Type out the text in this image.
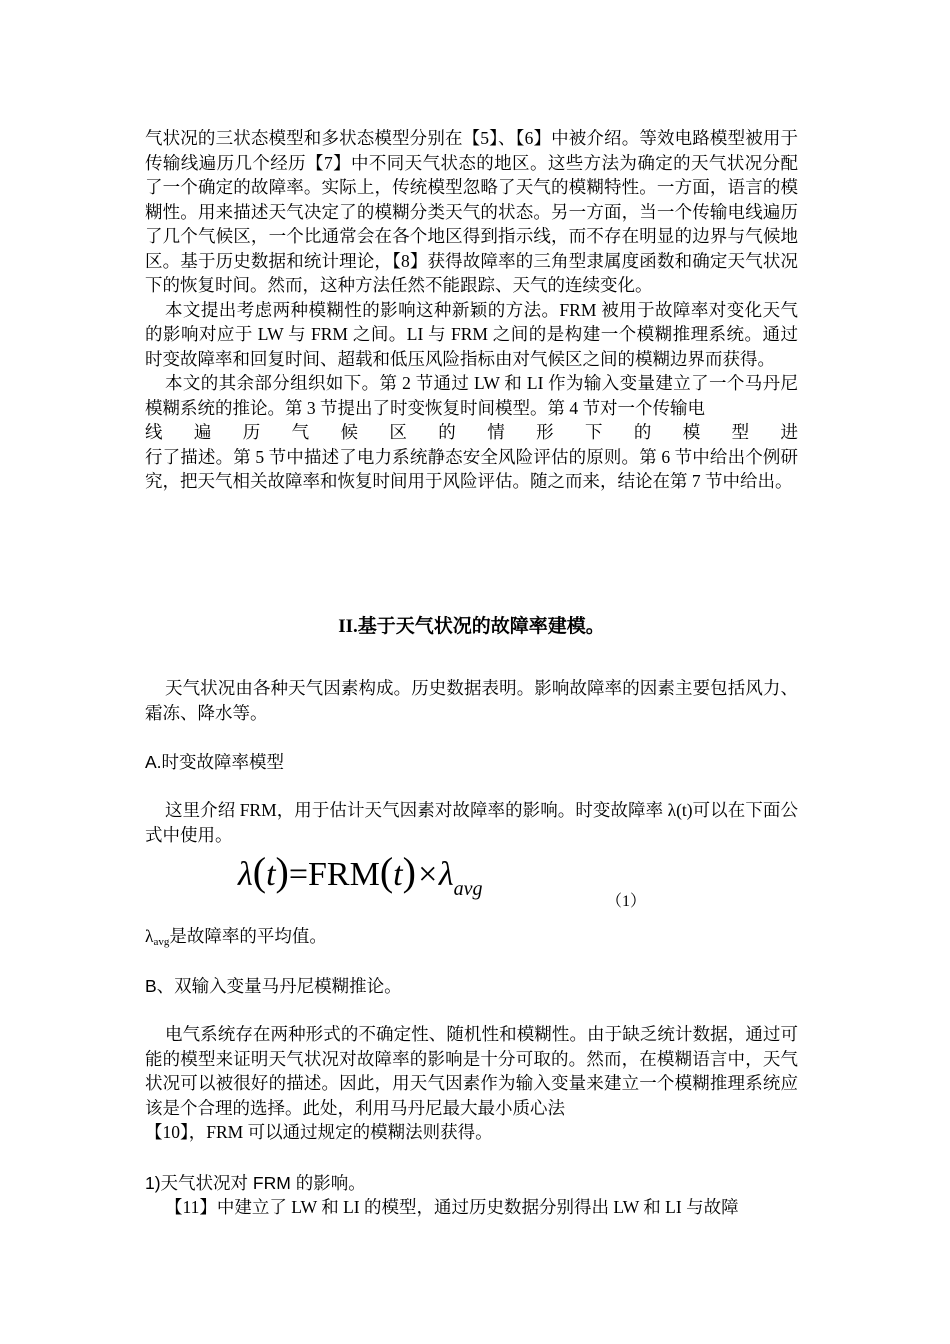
气状况的三状态模型和多状态模型分别在【5】、【6】中被介绍。等效电路模型被用于传输线遍历几个经历【7】中不同天气状态的地区。这些方法为确定的天气状况分配了一个确定的故障率。实际上，传统模型忽略了天气的模糊特性。一方面，语言的模糊性。用来描述天气决定了的模糊分类天气的状态。另一方面，当一个传输电线遍历了几个气候区，一个比通常会在各个地区得到指示线，而不存在明显的边界与气候地区。基于历史数据和统计理论，【8】获得故障率的三角型隶属度函数和确定天气状况下的恢复时间。然而，这种方法任然不能跟踪、天气的连续变化。

本文提出考虑两种模糊性的影响这种新颖的方法。FRM 被用于故障率对变化天气的影响对应于 LW 与 FRM 之间。LI 与 FRM 之间的是构建一个模糊推理系统。通过时变故障率和回复时间、超载和低压风险指标由对气候区之间的模糊边界而获得。

本文的其余部分组织如下。第 2 节通过 LW 和 LI 作为输入变量建立了一个马丹尼模糊系统的推论。第 3 节提出了时变恢复时间模型。第 4 节对一个传输电

线 遍 历 气 候 区 的 情 形 下 的 模 型 进

行了描述。第 5 节中描述了电力系统静态安全风险评估的原则。第 6 节中给出个例研究，把天气相关故障率和恢复时间用于风险评估。随之而来，结论在第 7 节中给出。

II.基于天气状况的故障率建模。

天气状况由各种天气因素构成。历史数据表明。影响故障率的因素主要包括风力、霜冻、降水等。

A.时变故障率模型

这里介绍 FRM，用于估计天气因素对故障率的影响。时变故障率 λ(t)可以在下面公式中使用。

$\lambda(t)=FRM(t)\times\lambda_{avg}$
（1）

λavg是故障率的平均值。

B、双输入变量马丹尼模糊推论。

电气系统存在两种形式的不确定性、随机性和模糊性。由于缺乏统计数据，通过可能的模型来证明天气状况对故障率的影响是十分可取的。然而，在模糊语言中，天气状况可以被很好的描述。因此，用天气因素作为输入变量来建立一个模糊推理系统应该是个合理的选择。此处，利用马丹尼最大最小质心法

【10】，FRM 可以通过规定的模糊法则获得。

1)天气状况对 FRM 的影响。

【11】中建立了 LW 和 LI 的模型，通过历史数据分别得出 LW 和 LI 与故障
